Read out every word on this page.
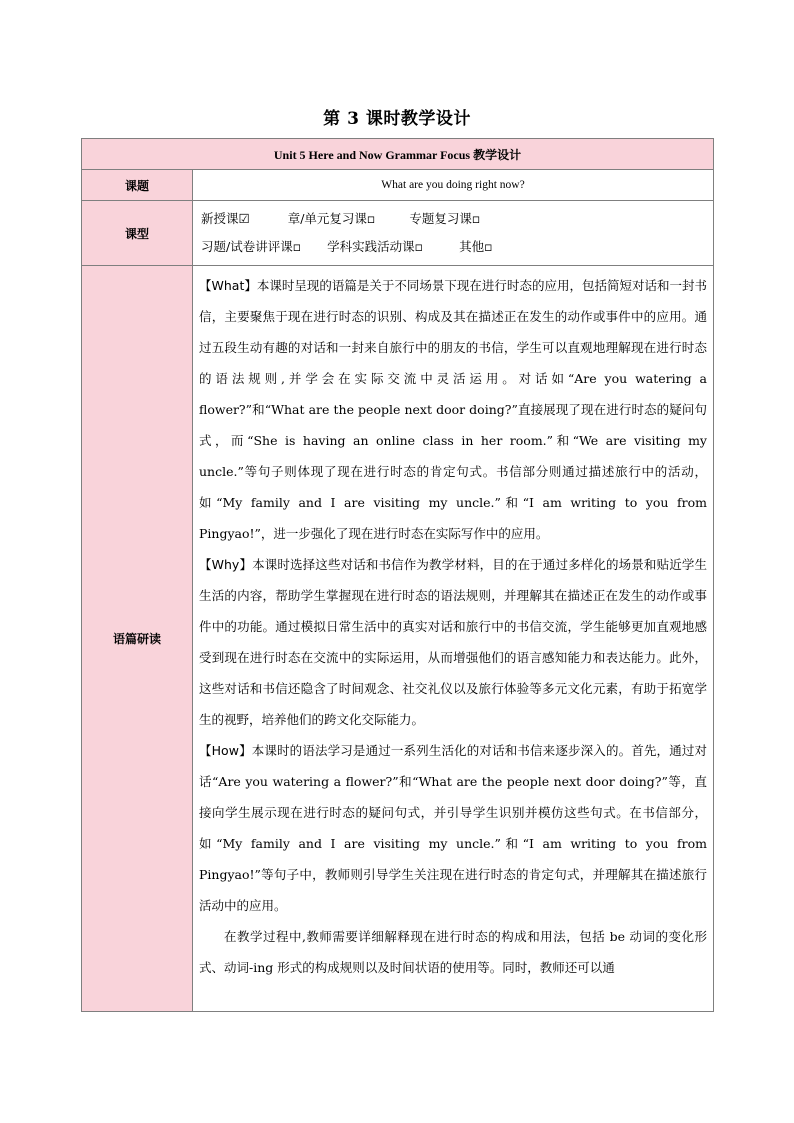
第 3 课时教学设计
Unit 5 Here and Now Grammar Focus 教学设计	
课题	What are you doing right now?
课型	新授课☑ 章/单元复习课▫ 专题复习课▫
习题/试卷讲评课▫ 学科实践活动课▫ 其他▫

语篇研读	【What】本课时呈现的语篇是关于不同场景下现在进行时态的应用，包括简短对话和一封书信，主要聚焦于现在进行时态的识别、构成及其在描述正在发生的动作或事件中的应用。通过五段生动有趣的对话和一封来自旅行中的朋友的书信，学生可以直观地理解现在进行时态的语法规则,并学会在实际交流中灵活运用。对话如“Are you watering a flower?”和“What are the people next door doing?”直接展现了现在进行时态的疑问句式，而“She is having an online class in her room.”和“We are visiting my uncle.”等句子则体现了现在进行时态的肯定句式。书信部分则通过描述旅行中的活动，如“My family and I are visiting my uncle.”和“I am writing to you from Pingyao!”，进一步强化了现在进行时态在实际写作中的应用。

【Why】本课时选择这些对话和书信作为教学材料，目的在于通过多样化的场景和贴近学生生活的内容，帮助学生掌握现在进行时态的语法规则，并理解其在描述正在发生的动作或事件中的功能。通过模拟日常生活中的真实对话和旅行中的书信交流，学生能够更加直观地感受到现在进行时态在交流中的实际运用，从而增强他们的语言感知能力和表达能力。此外，这些对话和书信还隐含了时间观念、社交礼仪以及旅行体验等多元文化元素，有助于拓宽学生的视野，培养他们的跨文化交际能力。

【How】本课时的语法学习是通过一系列生活化的对话和书信来逐步深入的。首先，通过对话“Are you watering a flower?”和“What are the people next door doing?”等，直接向学生展示现在进行时态的疑问句式，并引导学生识别并模仿这些句式。在书信部分，如“My family and I are visiting my uncle.”和“I am writing to you from Pingyao!”等句子中，教师则引导学生关注现在进行时态的肯定句式，并理解其在描述旅行活动中的应用。

在教学过程中,教师需要详细解释现在进行时态的构成和用法，包括 be 动词的变化形式、动词-ing 形式的构成规则以及时间状语的使用等。同时，教师还可以通
